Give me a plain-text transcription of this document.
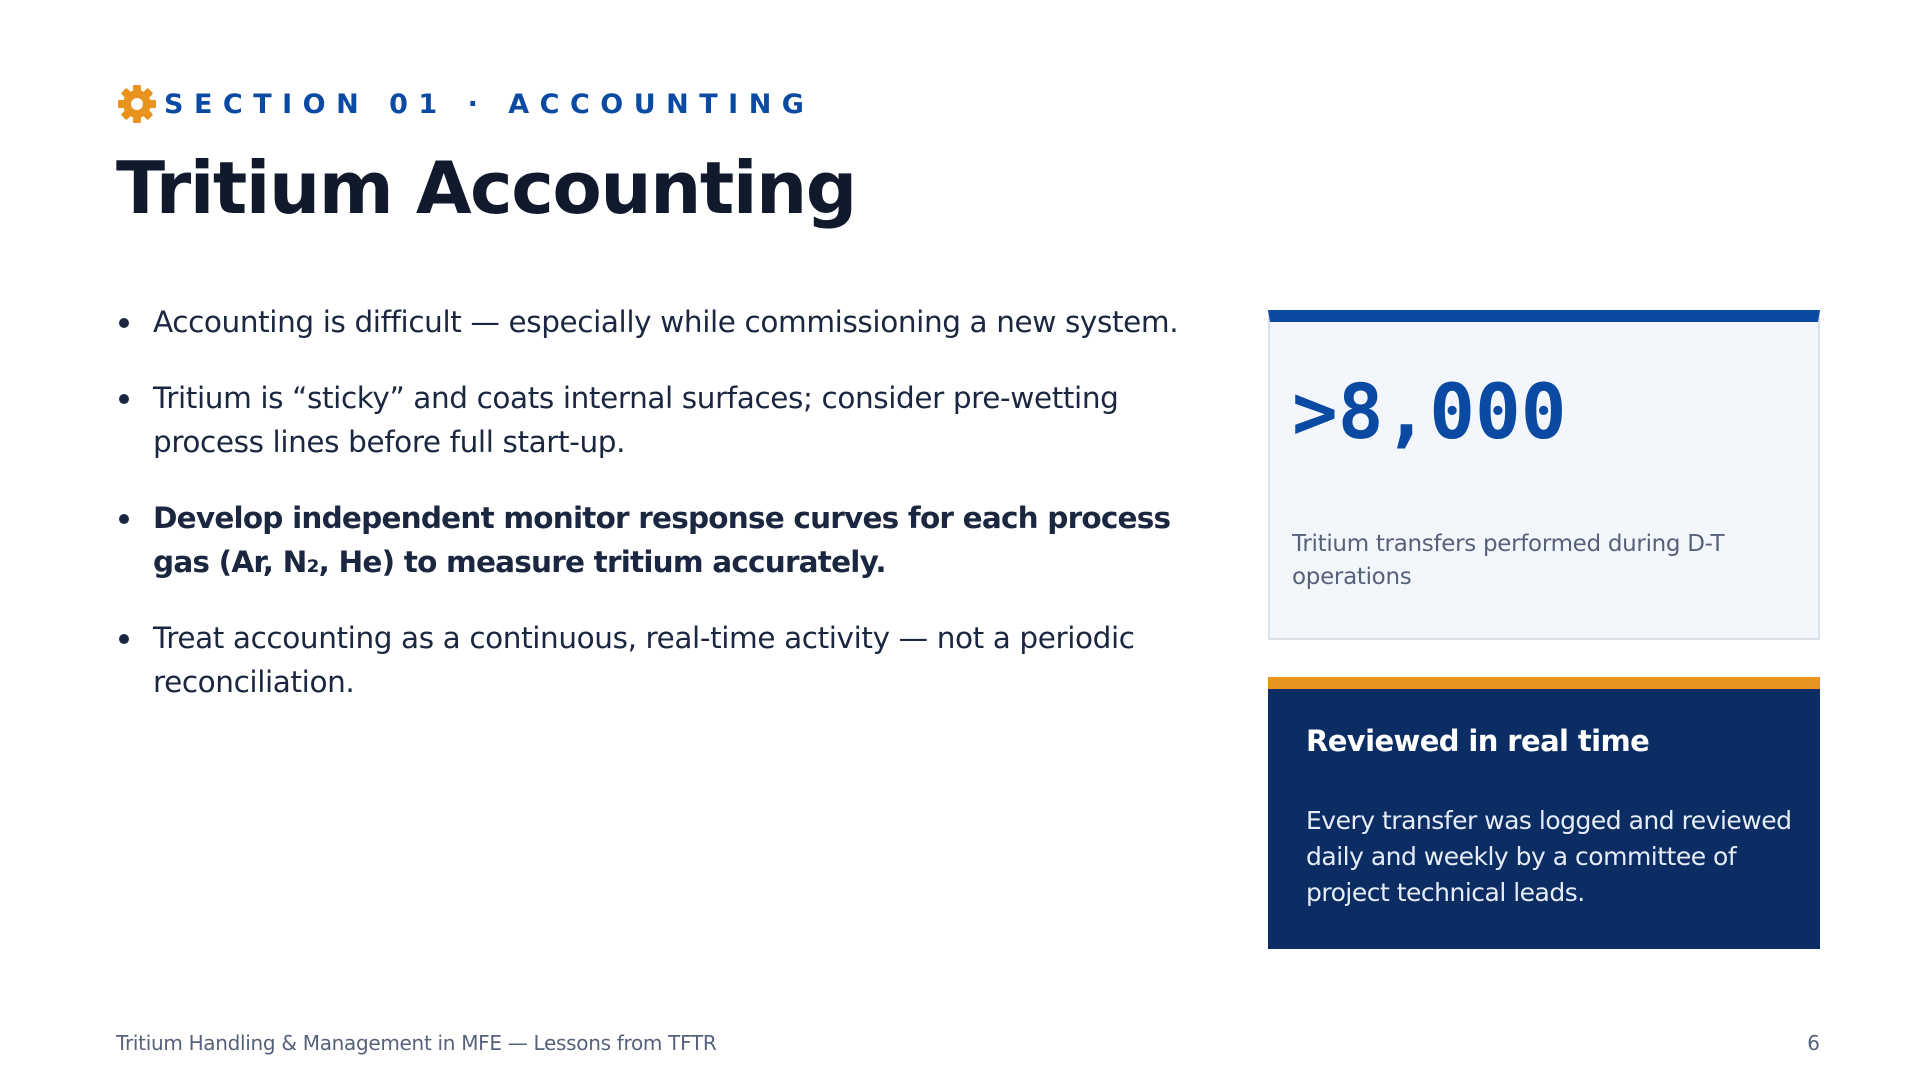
SECTION 01 · ACCOUNTING
Tritium Accounting
Accounting is difficult — especially while commissioning a new system.
Tritium is “sticky” and coats internal surfaces; consider pre-wetting process lines before full start-up.
Develop independent monitor response curves for each process gas (Ar, N₂, He) to measure tritium accurately.
Treat accounting as a continuous, real-time activity — not a periodic reconciliation.
>8,000
Tritium transfers performed during D-T operations
Reviewed in real time
Every transfer was logged and reviewed daily and weekly by a committee of project technical leads.
Tritium Handling & Management in MFE — Lessons from TFTR	6
